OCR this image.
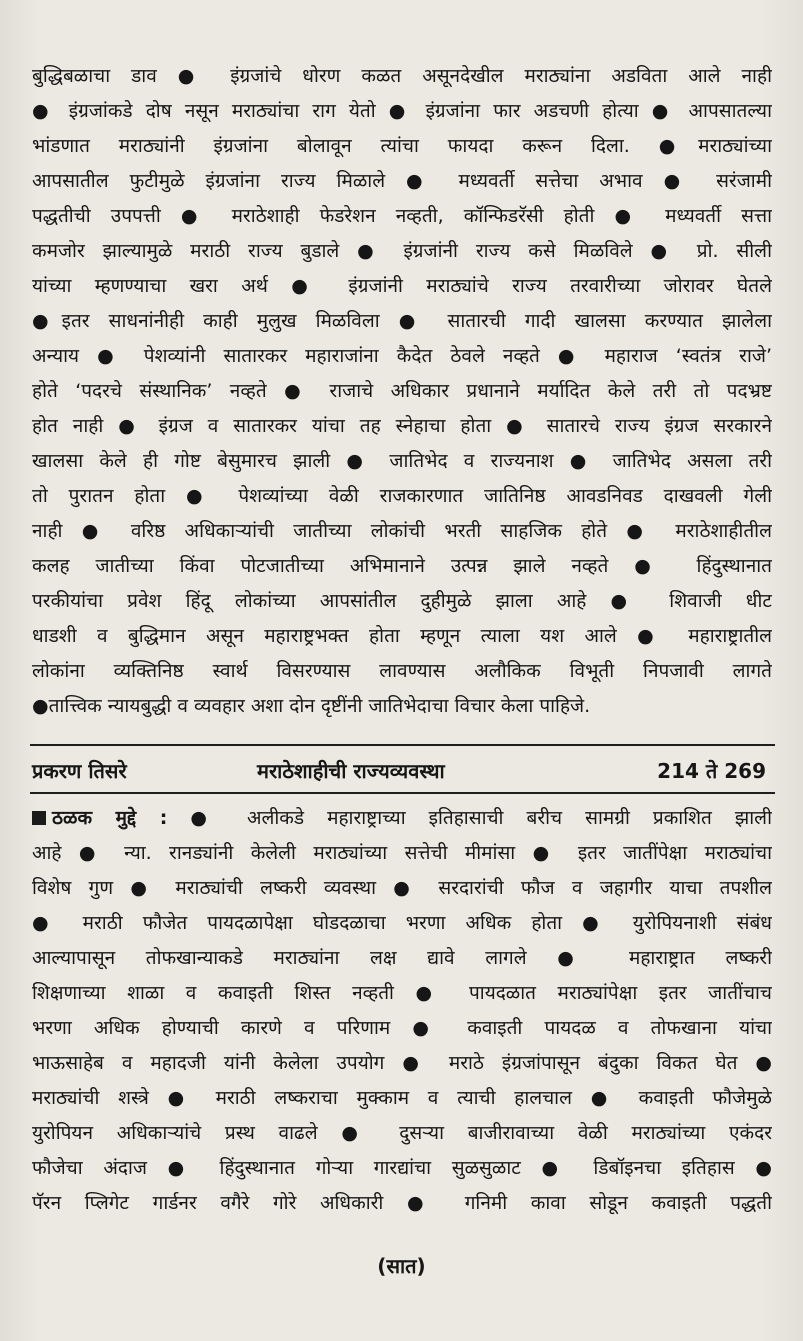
बुद्धिबळाचा डाव ● इंग्रजांचे धोरण कळत असूनदेखील मराठ्यांना अडविता आले नाही
● इंग्रजांकडे दोष नसून मराठ्यांचा राग येतो ● इंग्रजांना फार अडचणी होत्या ● आपसातल्या
भांडणात मराठ्यांनी इंग्रजांना बोलावून त्यांचा फायदा करून दिला. ●मराठ्यांच्या
आपसातील फुटीमुळे इंग्रजांना राज्य मिळाले ● मध्यवर्ती सत्तेचा अभाव ● सरंजामी
पद्धतीची उपपत्ती ● मराठेशाही फेडरेशन नव्हती, कॉन्फिडरॅसी होती ● मध्यवर्ती सत्ता
कमजोर झाल्यामुळे मराठी राज्य बुडाले ● इंग्रजांनी राज्य कसे मिळविले ● प्रो. सीली
यांच्या म्हणण्याचा खरा अर्थ ● इंग्रजांनी मराठ्यांचे राज्य तरवारीच्या जोरावर घेतले
●इतर साधनांनीही काही मुलुख मिळविला ● सातारची गादी खालसा करण्यात झालेला
अन्याय ● पेशव्यांनी सातारकर महाराजांना कैदेत ठेवले नव्हते ● महाराज ‘स्वतंत्र राजे’
होते ‘पदरचे संस्थानिक’ नव्हते ● राजाचे अधिकार प्रधानाने मर्यादित केले तरी तो पदभ्रष्ट
होत नाही ● इंग्रज व सातारकर यांचा तह स्नेहाचा होता ● सातारचे राज्य इंग्रज सरकारने
खालसा केले ही गोष्ट बेसुमारच झाली ● जातिभेद व राज्यनाश ● जातिभेद असला तरी
तो पुरातन होता ● पेशव्यांच्या वेळी राजकारणात जातिनिष्ठ आवडनिवड दाखवली गेली
नाही ● वरिष्ठ अधिकाऱ्यांची जातीच्या लोकांची भरती साहजिक होते ● मराठेशाहीतील
कलह जातीच्या किंवा पोटजातीच्या अभिमानाने उत्पन्न झाले नव्हते ● हिंदुस्थानात
परकीयांचा प्रवेश हिंदू लोकांच्या आपसांतील दुहीमुळे झाला आहे ● शिवाजी धीट
धाडशी व बुद्धिमान असून महाराष्ट्रभक्त होता म्हणून त्याला यश आले ● महाराष्ट्रातील
लोकांना व्यक्तिनिष्ठ स्वार्थ विसरण्यास लावण्यास अलौकिक विभूती निपजावी लागते
●तात्त्विक न्यायबुद्धी व व्यवहार अशा दोन दृष्टींनी जातिभेदाचा विचार केला पाहिजे.
प्रकरण तिसरे	मराठेशाहीची राज्यव्यवस्था	214 ते 269
ठळक मुद्दे : ● अलीकडे महाराष्ट्राच्या इतिहासाची बरीच सामग्री प्रकाशित झाली
आहे ● न्या. रानड्यांनी केलेली मराठ्यांच्या सत्तेची मीमांसा ● इतर जातींपेक्षा मराठ्यांचा
विशेष गुण ● मराठ्यांची लष्करी व्यवस्था ● सरदारांची फौज व जहागीर याचा तपशील
● मराठी फौजेत पायदळापेक्षा घोडदळाचा भरणा अधिक होता ● युरोपियनाशी संबंध
आल्यापासून तोफखान्याकडे मराठ्यांना लक्ष द्यावे लागले ● महाराष्ट्रात लष्करी
शिक्षणाच्या शाळा व कवाइती शिस्त नव्हती ● पायदळात मराठ्यांपेक्षा इतर जातींचाच
भरणा अधिक होण्याची कारणे व परिणाम ● कवाइती पायदळ व तोफखाना यांचा
भाऊसाहेब व महादजी यांनी केलेला उपयोग ● मराठे इंग्रजांपासून बंदुका विकत घेत ●
मराठ्यांची शस्त्रे ● मराठी लष्कराचा मुक्काम व त्याची हालचाल ● कवाइती फौजेमुळे
युरोपियन अधिकाऱ्यांचे प्रस्थ वाढले ● दुसऱ्या बाजीरावाच्या वेळी मराठ्यांच्या एकंदर
फौजेचा अंदाज ● हिंदुस्थानात गोऱ्या गारद्यांचा सुळसुळाट ● डिबॉइनचा इतिहास ●
पॅरन प्लिगेट गार्डनर वगैरे गोरे अधिकारी ● गनिमी कावा सोडून कवाइती पद्धती
(सात)
